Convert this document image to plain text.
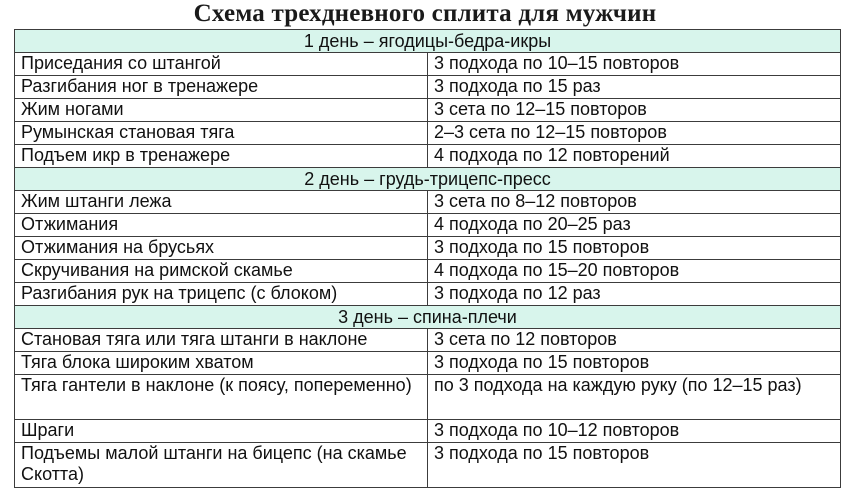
Схема трехдневного сплита для мужчин
1 день – ягодицы-бедра-икры	
Приседания со штангой	3 подхода по 10–15 повторов
Разгибания ног в тренажере	3 подхода по 15 раз
Жим ногами	3 сета по 12–15 повторов
Румынская становая тяга	2–3 сета по 12–15 повторов
Подъем икр в тренажере	4 подхода по 12 повторений
2 день – грудь-трицепс-пресс	
Жим штанги лежа	3 сета по 8–12 повторов
Отжимания	4 подхода по 20–25 раз
Отжимания на брусьях	3 подхода по 15 повторов
Скручивания на римской скамье	4 подхода по 15–20 повторов
Разгибания рук на трицепс (с блоком)	3 подхода по 12 раз
3 день – спина-плечи	
Становая тяга или тяга штанги в наклоне	3 сета по 12 повторов
Тяга блока широким хватом	3 подхода по 15 повторов
Тяга гантели в наклоне (к поясу, попеременно)	по 3 подхода на каждую руку (по 12–15 раз)
Шраги	3 подхода по 10–12 повторов
Подъемы малой штанги на бицепс (на скамье Скотта)	3 подхода по 15 повторов
